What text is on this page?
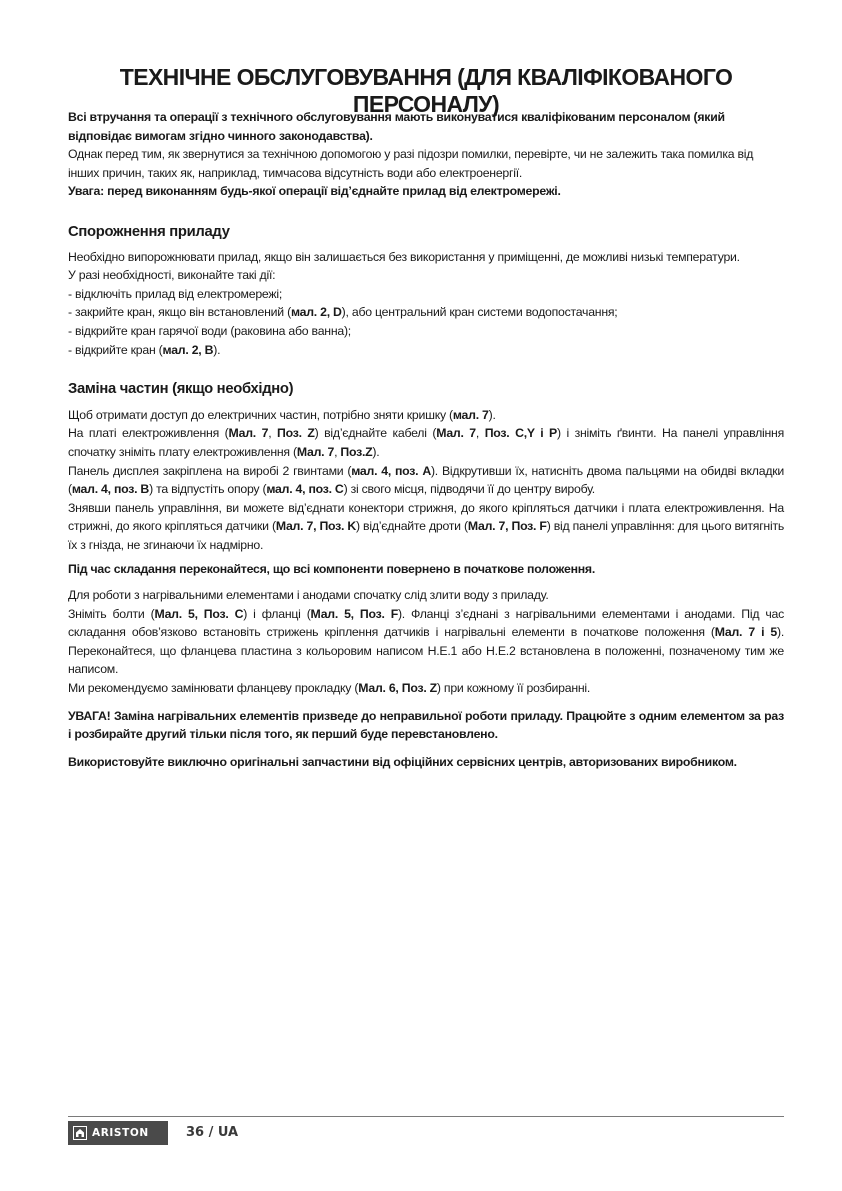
ТЕХНІЧНЕ ОБСЛУГОВУВАННЯ (ДЛЯ КВАЛІФІКОВАНОГО ПЕРСОНАЛУ)

Всі втручання та операції з технічного обслуговування мають виконуватися кваліфікованим персоналом (який відповідає вимогам згідно чинного законодавства).

Однак перед тим, як звернутися за технічною допомогою у разі підозри помилки, перевірте, чи не залежить така помилка від інших причин, таких як, наприклад, тимчасова відсутність води або електроенергії.

Увага: перед виконанням будь-якої операції від’єднайте прилад від електромережі.

Спорожнення приладу

Необхідно випорожнювати прилад, якщо він залишається без використання у приміщенні, де можливі низькі температури.

У разі необхідності, виконайте такі дії:

- відключіть прилад від електромережі;

- закрийте кран, якщо він встановлений (мал. 2, D), або центральний кран системи водопостачання;

- відкрийте кран гарячої води (раковина або ванна);

- відкрийте кран (мал. 2, B).

Заміна частин (якщо необхідно)

Щоб отримати доступ до електричних частин, потрібно зняти кришку (мал. 7).
На платі електроживлення (Мал. 7, Поз. Z) від’єднайте кабелі (Мал. 7, Поз. C,Y і P) і зніміть ґвинти. На панелі управління спочатку зніміть плату електроживлення (Мал. 7, Поз.Z).
Панель дисплея закріплена на виробі 2 гвинтами (мал. 4, поз. A). Відкрутивши їх, натисніть двома пальцями на обидві вкладки (мал. 4, поз. B) та відпустіть опору (мал. 4, поз. C) зі свого місця, підводячи її до центру виробу.
Знявши панель управління, ви можете від’єднати конектори стрижня, до якого кріпляться датчики і плата електроживлення. На стрижні, до якого кріпляться датчики (Мал. 7, Поз. K) від’єднайте дроти (Мал. 7, Поз. F) від панелі управління: для цього витягніть їх з гнізда, не згинаючи їх надмірно.

Під час складання переконайтеся, що всі компоненти повернено в початкове положення.

Для роботи з нагрівальними елементами і анодами спочатку слід злити воду з приладу.
Зніміть болти (Мал. 5, Поз. C) і фланці (Мал. 5, Поз. F). Фланці з’єднані з нагрівальними елементами і анодами. Під час складання обов’язково встановіть стрижень кріплення датчиків і нагрівальні елементи в початкове положення (Мал. 7 і 5). Переконайтеся, що фланцева пластина з кольоровим написом H.E.1 або H.E.2 встановлена в положенні, позначеному тим же написом.
Ми рекомендуємо замінювати фланцеву прокладку (Мал. 6, Поз. Z) при кожному її розбиранні.

УВАГА! Заміна нагрівальних елементів призведе до неправильної роботи приладу. Працюйте з одним елементом за раз і розбирайте другий тільки після того, як перший буде перевстановлено.

Використовуйте виключно оригінальні запчастини від офіційних сервісних центрів, авторизованих виробником.

ARISTON	36 / UA
